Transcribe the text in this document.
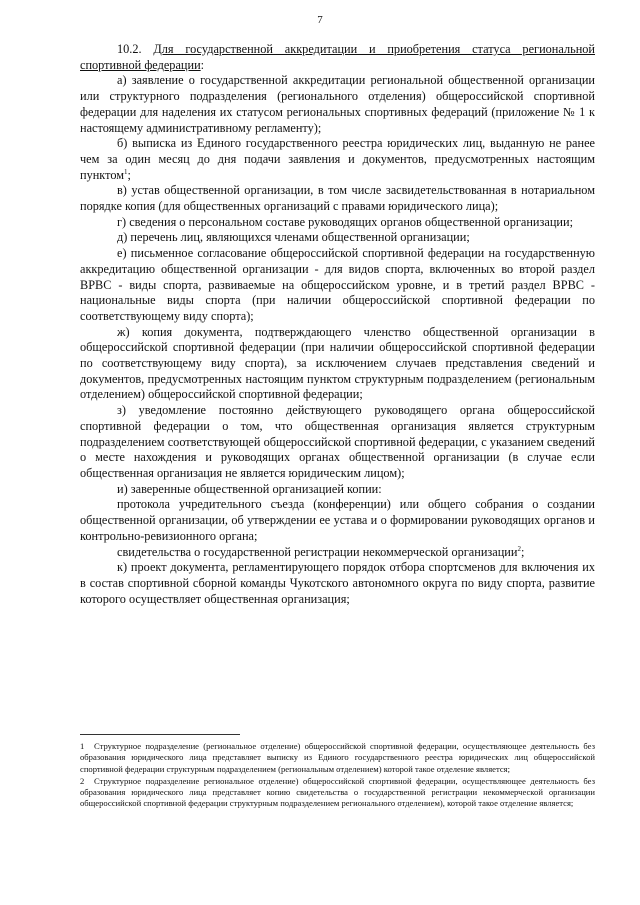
7

10.2. Для государственной аккредитации и приобретения статуса региональной спортивной федерации:

а) заявление о государственной аккредитации региональной общественной организации или структурного подразделения (регионального отделения) общероссийской спортивной федерации для наделения их статусом региональных спортивных федераций (приложение № 1 к настоящему административному регламенту);

б) выписка из Единого государственного реестра юридических лиц, выданную не ранее чем за один месяц до дня подачи заявления и документов, предусмотренных настоящим пунктом$^1$;

в) устав общественной организации, в том числе засвидетельствованная в нотариальном порядке копия (для общественных организаций с правами юридического лица);

г) сведения о персональном составе руководящих органов общественной организации;

д) перечень лиц, являющихся членами общественной организации;

е) письменное согласование общероссийской спортивной федерации на государственную аккредитацию общественной организации - для видов спорта, включенных во второй раздел ВРВС - виды спорта, развиваемые на общероссийском уровне, и в третий раздел ВРВС - национальные виды спорта (при наличии общероссийской спортивной федерации по соответствующему виду спорта);

ж) копия документа, подтверждающего членство общественной организации в общероссийской спортивной федерации (при наличии общероссийской спортивной федерации по соответствующему виду спорта), за исключением случаев представления сведений и документов, предусмотренных настоящим пунктом структурным подразделением (региональным отделением) общероссийской спортивной федерации;

з) уведомление постоянно действующего руководящего органа общероссийской спортивной федерации о том, что общественная организация является структурным подразделением соответствующей общероссийской спортивной федерации, с указанием сведений о месте нахождения и руководящих органах общественной организации (в случае если общественная организация не является юридическим лицом);

и) заверенные общественной организацией копии:

протокола учредительного съезда (конференции) или общего собрания о создании общественной организации, об утверждении ее устава и о формировании руководящих органов и контрольно-ревизионного органа;

свидетельства о государственной регистрации некоммерческой организации$^2$;

к) проект документа, регламентирующего порядок отбора спортсменов для включения их в состав спортивной сборной команды Чукотского автономного округа по виду спорта, развитие которого осуществляет общественная организация;

1 Структурное подразделение (региональное отделение) общероссийской спортивной федерации, осуществляющее деятельность без образования юридического лица представляет выписку из Единого государственного реестра юридических лиц общероссийской спортивной федерации структурным подразделением (региональным отделением) которой такое отделение является;

2 Структурное подразделение региональное отделение) общероссийской спортивной федерации, осуществляющее деятельность без образования юридического лица представляет копию свидетельства о государственной регистрации некоммерческой организации общероссийской спортивной федерации структурным подразделением регионального отделением), которой такое отделение является;
